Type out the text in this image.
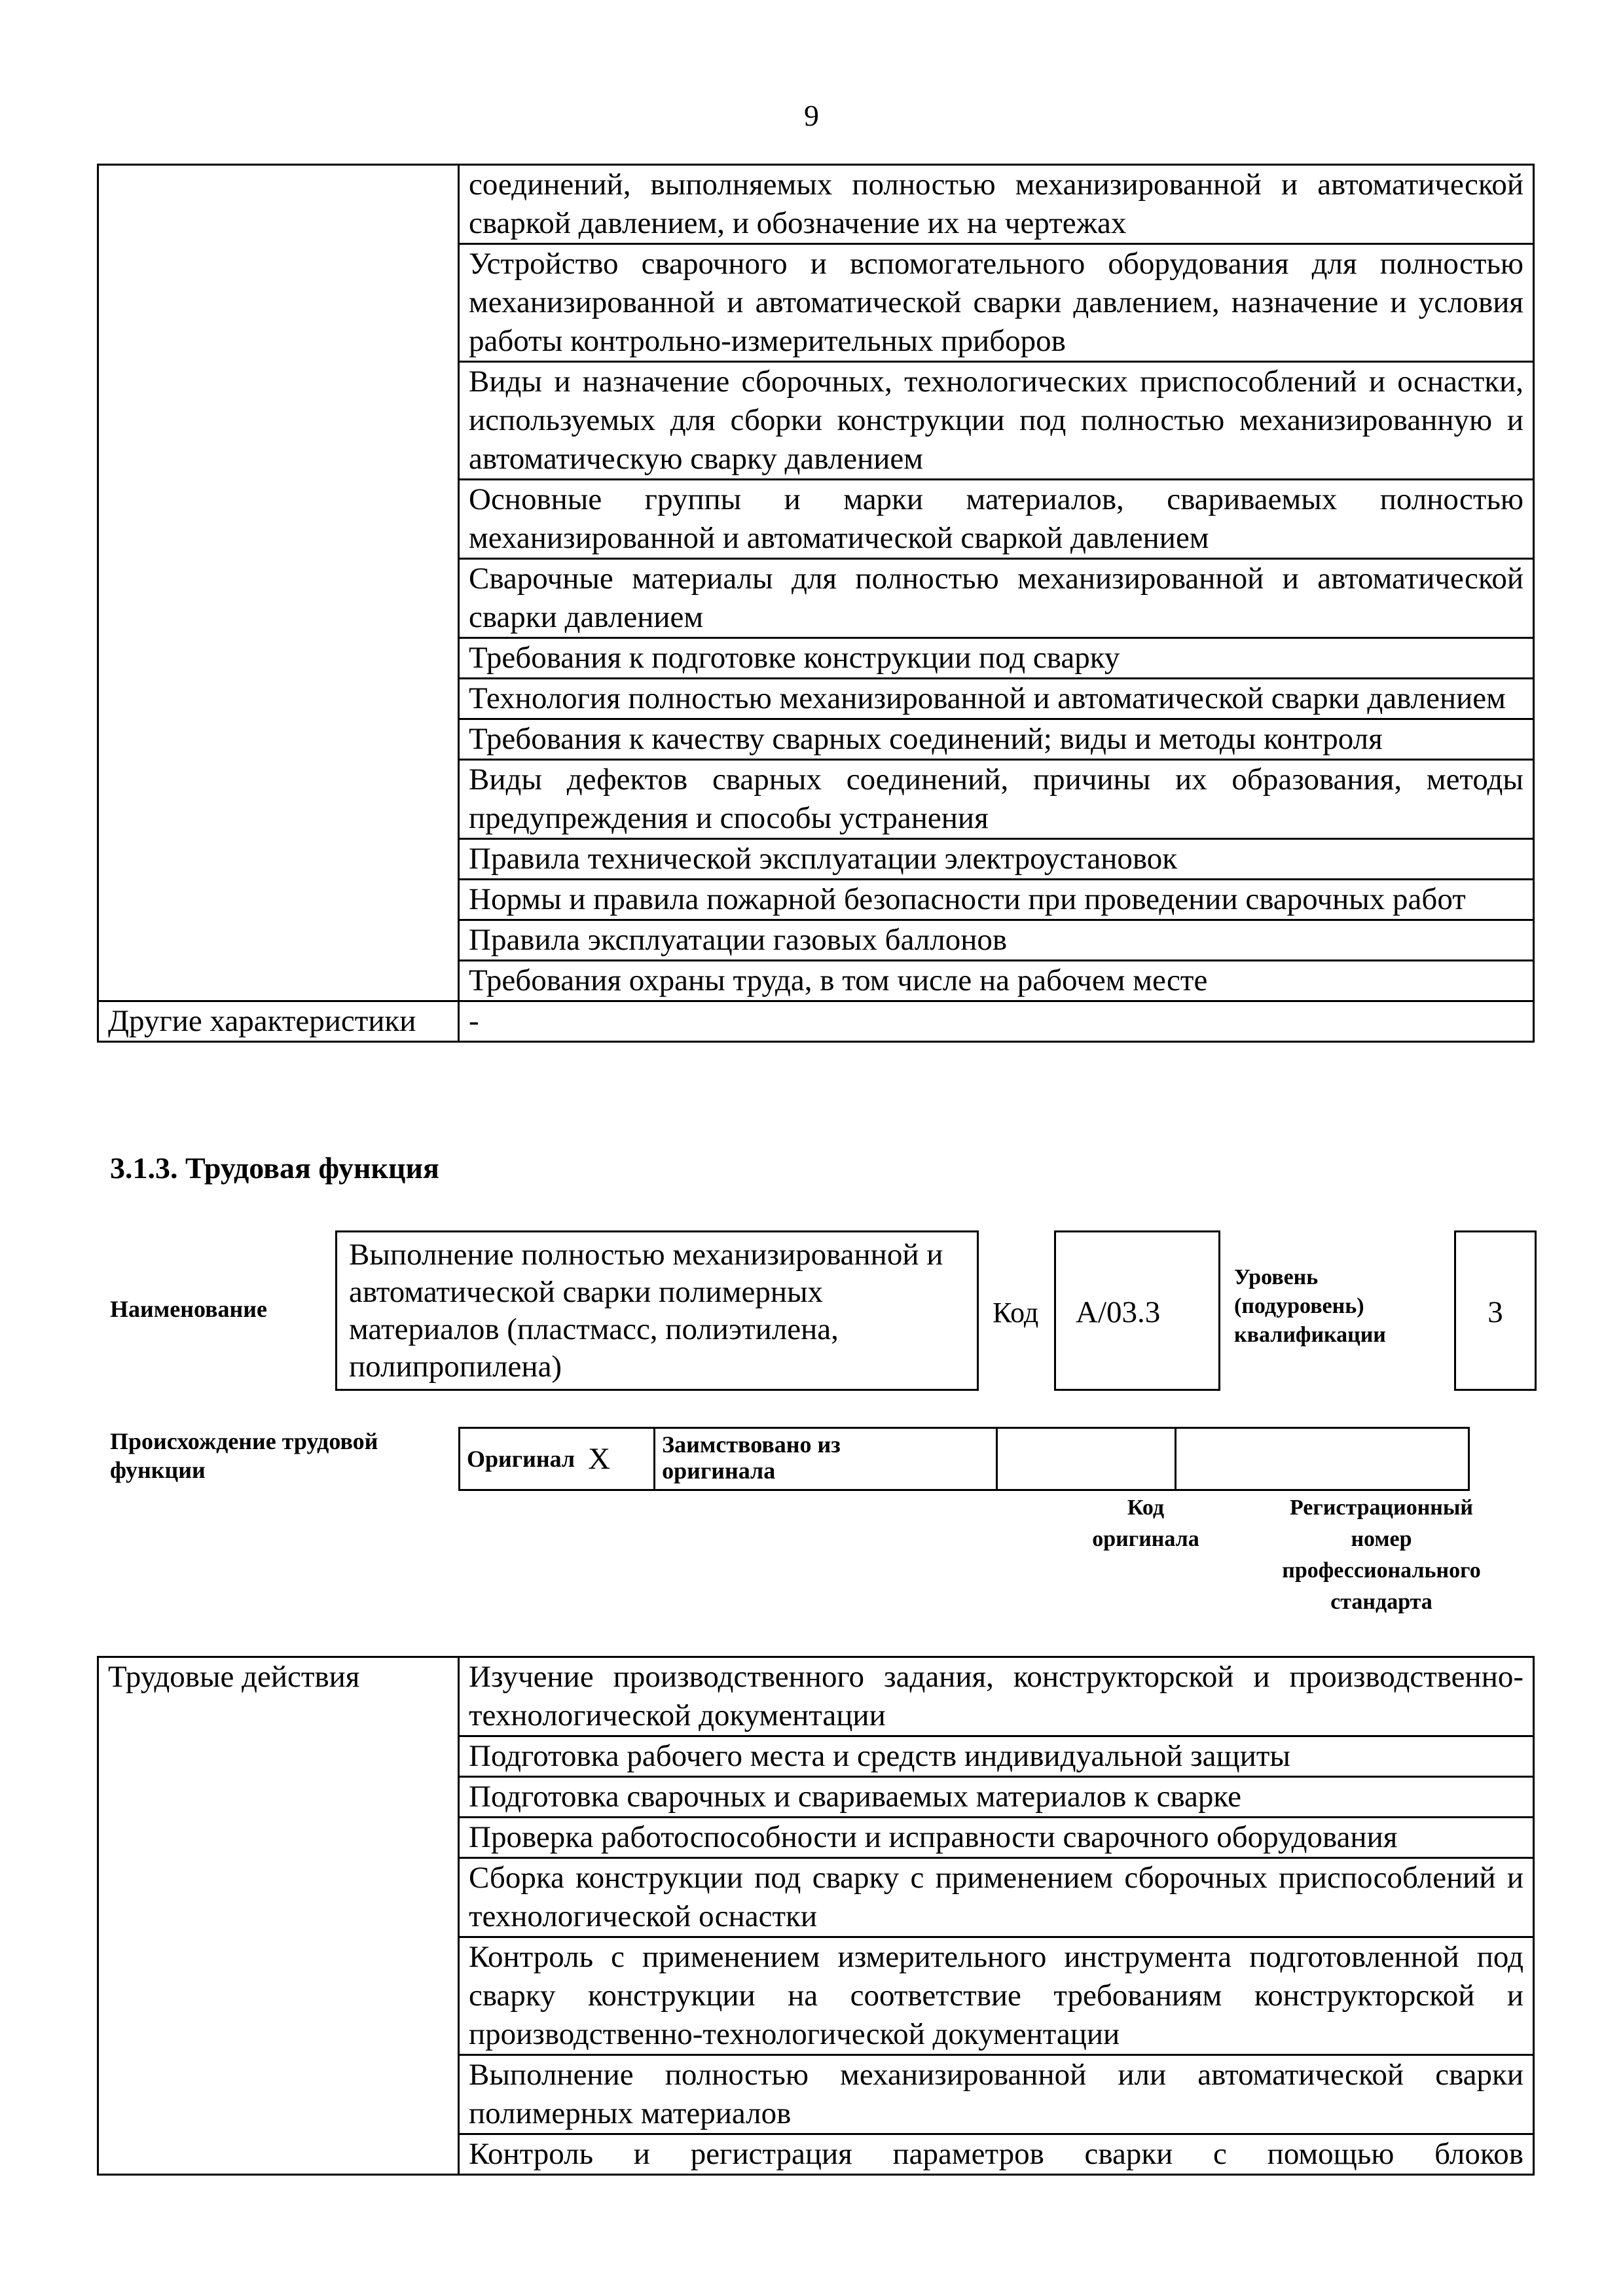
9
	соединений, выполняемых полностью механизированной и автоматической сваркой давлением, и обозначение их на чертежах
	Устройство сварочного и вспомогательного оборудования для полностью механизированной и автоматической сварки давлением, назначение и условия работы контрольно-измерительных приборов
	Виды и назначение сборочных, технологических приспособлений и оснастки, используемых для сборки конструкции под полностью механизированную и автоматическую сварку давлением
	Основные группы и марки материалов, свариваемых полностью механизированной и автоматической сваркой давлением
	Сварочные материалы для полностью механизированной и автоматической сварки давлением
	Требования к подготовке конструкции под сварку
	Технология полностью механизированной и автоматической сварки давлением
	Требования к качеству сварных соединений; виды и методы контроля
	Виды дефектов сварных соединений, причины их образования, методы предупреждения и способы устранения
	Правила технической эксплуатации электроустановок
	Нормы и правила пожарной безопасности при проведении сварочных работ
	Правила эксплуатации газовых баллонов
	Требования охраны труда, в том числе на рабочем месте
Другие характеристики	-
3.1.3. Трудовая функция
Наименование
Выполнение полностью механизированной и автоматической сварки полимерных материалов (пластмасс, полиэтилена, полипропилена)
Код	A/03.3
Уровень
(подуровень)
квалификации
3
Происхождение трудовой
функции	Оригинал	X	Заимствовано из
оригинала

Код
оригинала
Регистрационный
номер
профессионального
стандарта
Трудовые действия	Изучение производственного задания, конструкторской и производственно-технологической документации
Подготовка рабочего места и средств индивидуальной защиты
Подготовка сварочных и свариваемых материалов к сварке
Проверка работоспособности и исправности сварочного оборудования
Сборка конструкции под сварку с применением сборочных приспособлений и технологической оснастки
Контроль с применением измерительного инструмента подготовленной под сварку конструкции на соответствие требованиям конструкторской и производственно-технологической документации
Выполнение полностью механизированной или автоматической сварки полимерных материалов
Контроль и регистрация параметров сварки с помощью блоков
